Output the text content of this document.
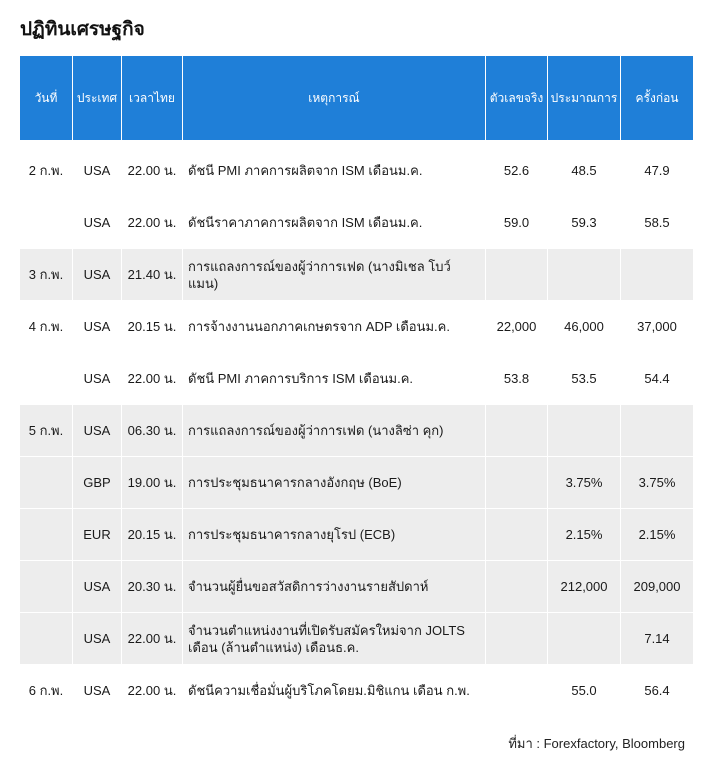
ปฏิทินเศรษฐกิจ
วันที่	ประเทศ	เวลาไทย	เหตุการณ์	ตัวเลขจริง	ประมาณการ	ครั้งก่อน
2 ก.พ.	USA	22.00 น.	ดัชนี PMI ภาคการผลิตจาก ISM เดือนม.ค.	52.6	48.5	47.9
	USA	22.00 น.	ดัชนีราคาภาคการผลิตจาก ISM เดือนม.ค.	59.0	59.3	58.5
3 ก.พ.	USA	21.40 น.	การแถลงการณ์ของผู้ว่าการเฟด (นางมิเชล โบว์แมน)			
4 ก.พ.	USA	20.15 น.	การจ้างงานนอกภาคเกษตรจาก ADP เดือนม.ค.	22,000	46,000	37,000
	USA	22.00 น.	ดัชนี PMI ภาคการบริการ ISM เดือนม.ค.	53.8	53.5	54.4
5 ก.พ.	USA	06.30 น.	การแถลงการณ์ของผู้ว่าการเฟด (นางลิซ่า คุก)			
	GBP	19.00 น.	การประชุมธนาคารกลางอังกฤษ (BoE)		3.75%	3.75%
	EUR	20.15 น.	การประชุมธนาคารกลางยุโรป (ECB)		2.15%	2.15%
	USA	20.30 น.	จำนวนผู้ยื่นขอสวัสดิการว่างงานรายสัปดาห์		212,000	209,000
	USA	22.00 น.	จำนวนตำแหน่งงานที่เปิดรับสมัครใหม่จาก JOLTS เดือน (ล้านตำแหน่ง) เดือนธ.ค.			7.14
6 ก.พ.	USA	22.00 น.	ดัชนีความเชื่อมั่นผู้บริโภคโดยม.มิชิแกน เดือน ก.พ.		55.0	56.4
ที่มา : Forexfactory, Bloomberg
